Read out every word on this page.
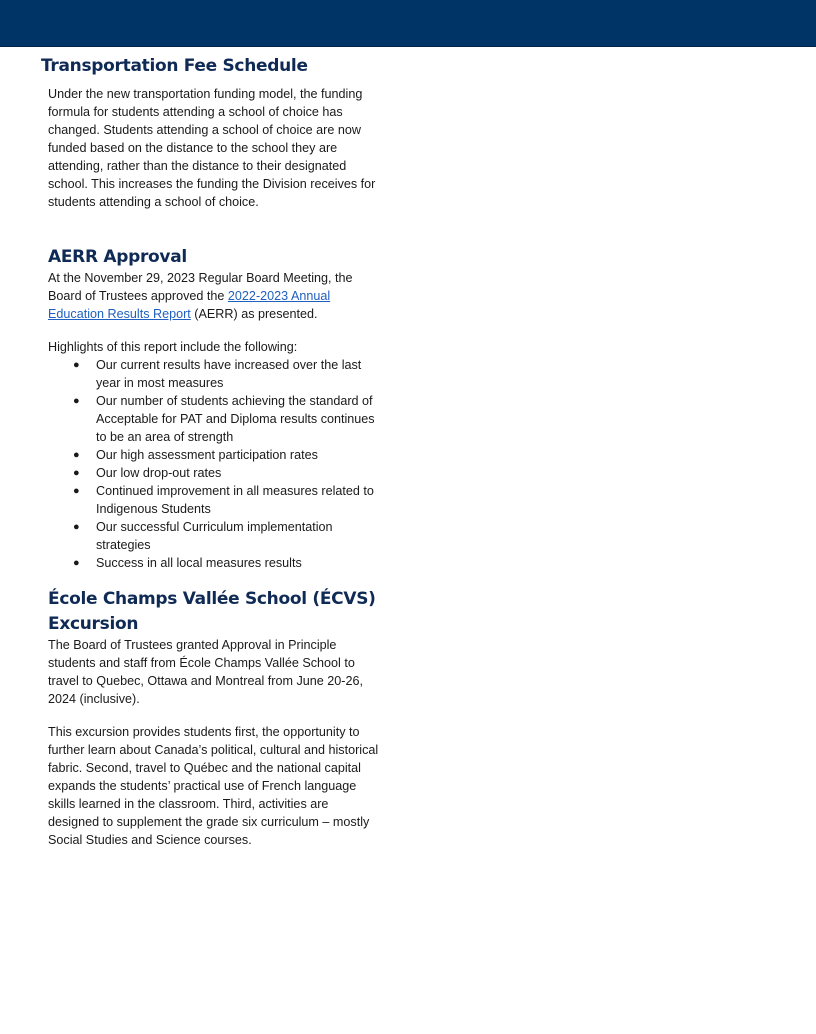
Transportation Fee Schedule

Under the new transportation funding model, the funding formula for students attending a school of choice has changed. Students attending a school of choice are now funded based on the distance to the school they are attending, rather than the distance to their designated school. This increases the funding the Division receives for students attending a school of choice.

AERR Approval

At the November 29, 2023 Regular Board Meeting, the Board of Trustees approved the 2022-2023 Annual Education Results Report (AERR) as presented.

Highlights of this report include the following:

● Our current results have increased over the last year in most measures
● Our number of students achieving the standard of Acceptable for PAT and Diploma results continues to be an area of strength
● Our high assessment participation rates
● Our low drop-out rates
● Continued improvement in all measures related to Indigenous Students
● Our successful Curriculum implementation strategies
● Success in all local measures results
École Champs Vallée School (ÉCVS) Excursion

The Board of Trustees granted Approval in Principle students and staff from École Champs Vallée School to travel to Quebec, Ottawa and Montreal from June 20-26, 2024 (inclusive).

This excursion provides students first, the opportunity to further learn about Canada’s political, cultural and historical fabric. Second, travel to Québec and the national capital expands the students’ practical use of French language skills learned in the classroom. Third, activities are designed to supplement the grade six curriculum – mostly Social Studies and Science courses.
